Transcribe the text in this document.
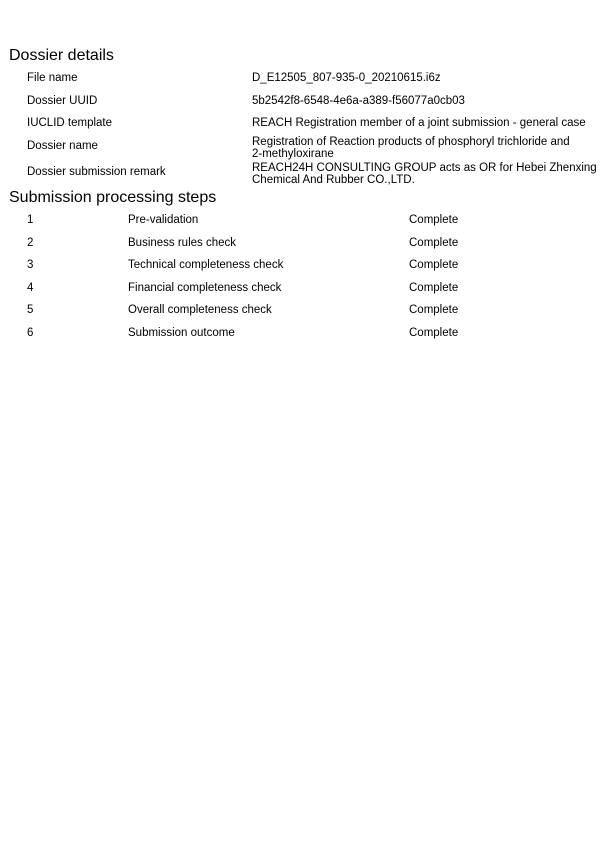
Dossier details
File name	D_E12505_807-935-0_20210615.i6z
Dossier UUID	5b2542f8-6548-4e6a-a389-f56077a0cb03
IUCLID template	REACH Registration member of a joint submission - general case
Dossier name	Registration of Reaction products of phosphoryl trichloride and 2-methyloxirane
Dossier submission remark	REACH24H CONSULTING GROUP acts as OR for Hebei Zhenxing Chemical And Rubber CO.,LTD.
Submission processing steps
1	Pre-validation	Complete
2	Business rules check	Complete
3	Technical completeness check	Complete
4	Financial completeness check	Complete
5	Overall completeness check	Complete
6	Submission outcome	Complete
